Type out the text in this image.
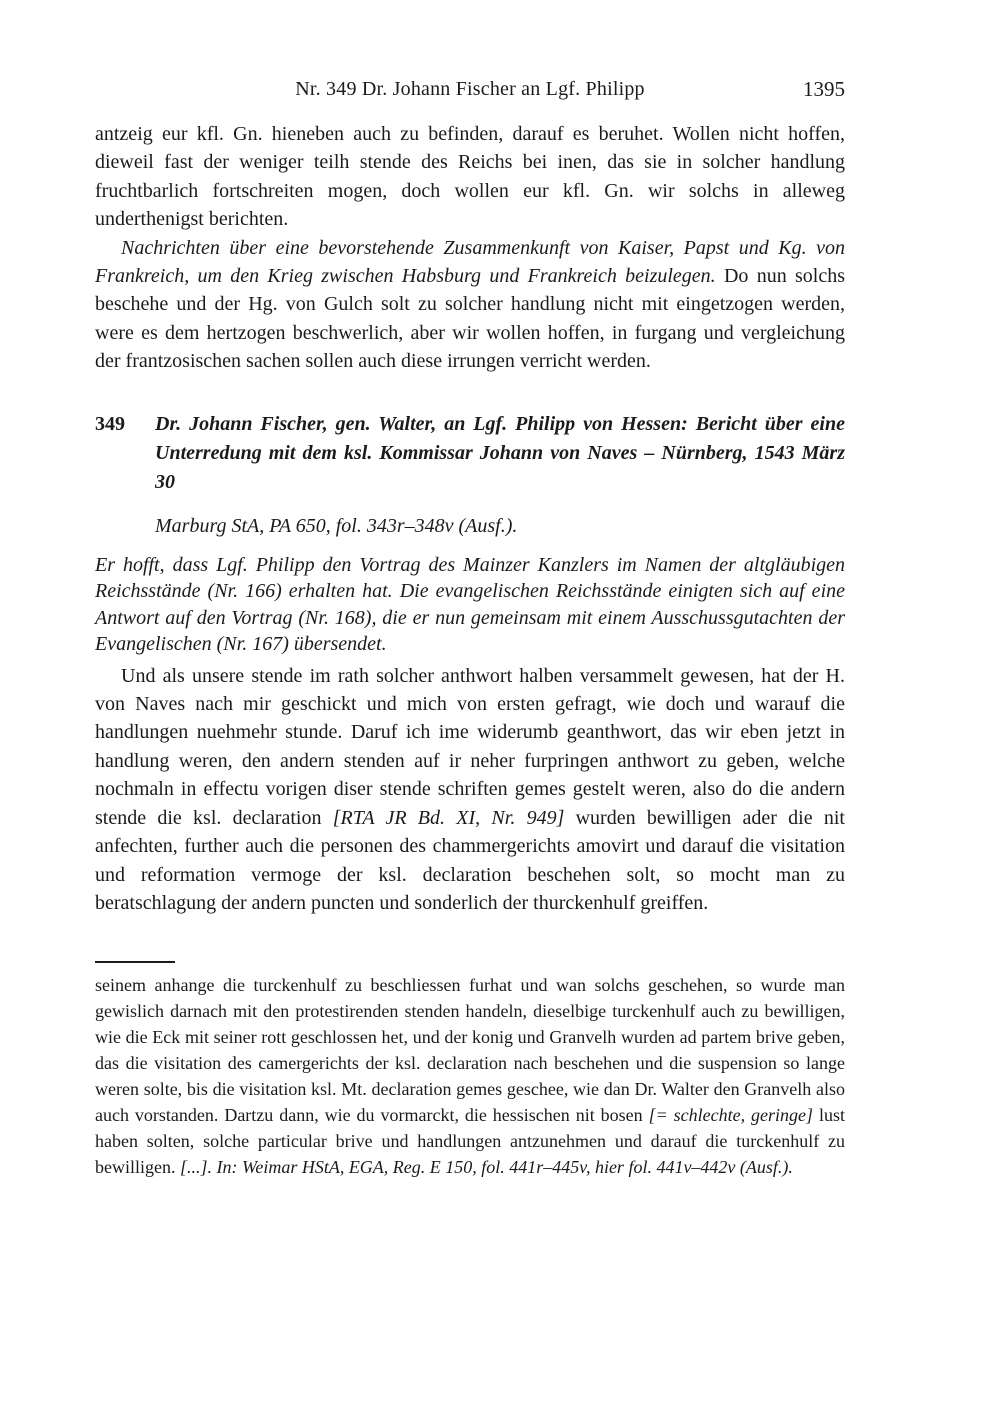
Nr. 349 Dr. Johann Fischer an Lgf. Philipp	1395

antzeig eur kfl. Gn. hieneben auch zu befinden, darauf es beruhet. Wollen nicht hoffen, dieweil fast der weniger teilh stende des Reichs bei inen, das sie in solcher handlung fruchtbarlich fortschreiten mogen, doch wollen eur kfl. Gn. wir solchs in alleweg underthenigst berichten.

Nachrichten über eine bevorstehende Zusammenkunft von Kaiser, Papst und Kg. von Frankreich, um den Krieg zwischen Habsburg und Frankreich beizulegen. Do nun solchs beschehe und der Hg. von Gulch solt zu solcher handlung nicht mit eingetzogen werden, were es dem hertzogen beschwerlich, aber wir wollen hoffen, in furgang und vergleichung der frantzosischen sachen sollen auch diese irrungen verricht werden.

349	Dr. Johann Fischer, gen. Walter, an Lgf. Philipp von Hessen: Bericht über eine Unterredung mit dem ksl. Kommissar Johann von Naves – Nürnberg, 1543 März 30

Marburg StA, PA 650, fol. 343r–348v (Ausf.).

Er hofft, dass Lgf. Philipp den Vortrag des Mainzer Kanzlers im Namen der altgläubigen Reichsstände (Nr. 166) erhalten hat. Die evangelischen Reichsstände einigten sich auf eine Antwort auf den Vortrag (Nr. 168), die er nun gemeinsam mit einem Ausschussgutachten der Evangelischen (Nr. 167) übersendet.

Und als unsere stende im rath solcher anthwort halben versammelt gewesen, hat der H. von Naves nach mir geschickt und mich von ersten gefragt, wie doch und warauf die handlungen nuehmehr stunde. Daruf ich ime widerumb geanthwort, das wir eben jetzt in handlung weren, den andern stenden auf ir neher furpringen anthwort zu geben, welche nochmaln in effectu vorigen diser stende schriften gemes gestelt weren, also do die andern stende die ksl. declaration [RTA JR Bd. XI, Nr. 949] wurden bewilligen ader die nit anfechten, further auch die personen des chammergerichts amovirt und darauf die visitation und reformation vermoge der ksl. declaration beschehen solt, so mocht man zu beratschlagung der andern puncten und sonderlich der thurckenhulf greiffen.

seinem anhange die turckenhulf zu beschliessen furhat und wan solchs geschehen, so wurde man gewislich darnach mit den protestirenden stenden handeln, dieselbige turckenhulf auch zu bewilligen, wie die Eck mit seiner rott geschlossen het, und der konig und Granvelh wurden ad partem brive geben, das die visitation des camergerichts der ksl. declaration nach beschehen und die suspension so lange weren solte, bis die visitation ksl. Mt. declaration gemes geschee, wie dan Dr. Walter den Granvelh also auch vorstanden. Dartzu dann, wie du vormarckt, die hessischen nit bosen [= schlechte, geringe] lust haben solten, solche particular brive und handlungen antzunehmen und darauf die turckenhulf zu bewilligen. [...]. In: Weimar HStA, EGA, Reg. E 150, fol. 441r–445v, hier fol. 441v–442v (Ausf.).
